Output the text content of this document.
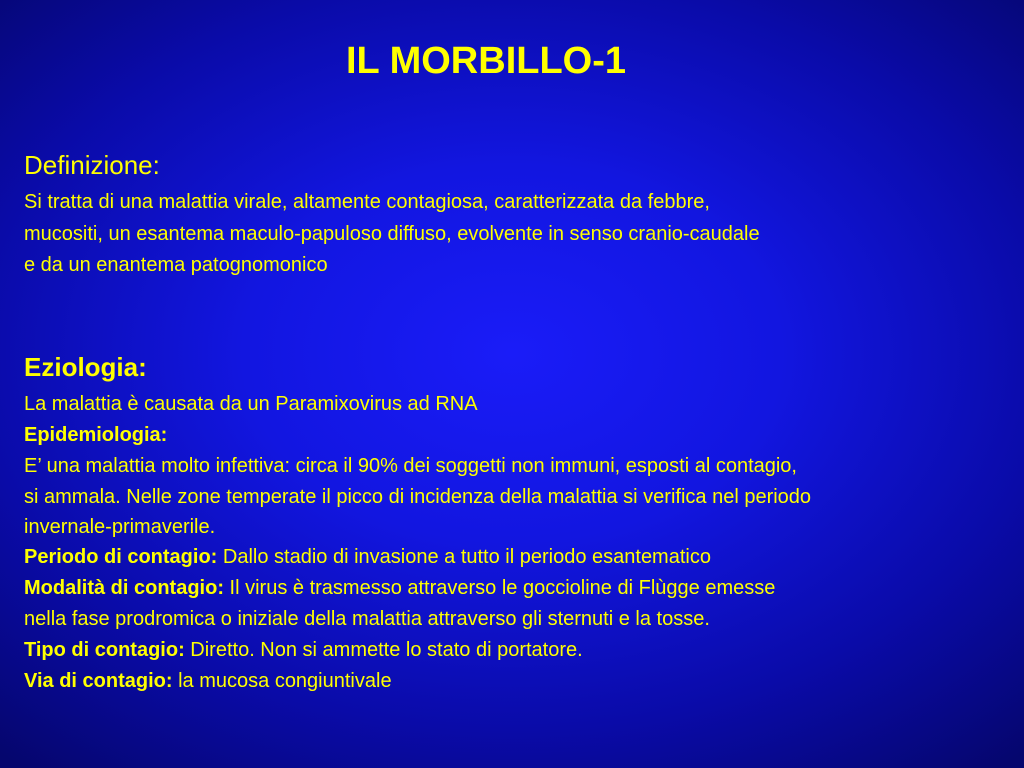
IL MORBILLO-1

Definizione:

Si tratta di una malattia virale, altamente contagiosa, caratterizzata da febbre,

mucositi, un esantema maculo-papuloso diffuso, evolvente in senso cranio-caudale

e da un enantema patognomonico

Eziologia:

La malattia è causata da un Paramixovirus ad RNA

Epidemiologia:

E’ una malattia molto infettiva: circa il 90% dei soggetti non immuni, esposti al contagio,

si ammala. Nelle zone temperate il picco di incidenza della malattia si verifica nel periodo

invernale-primaverile.

Periodo di contagio: Dallo stadio di invasione a tutto il periodo esantematico

Modalità di contagio: Il virus è trasmesso attraverso le goccioline di Flùgge emesse

nella fase prodromica o iniziale della malattia attraverso gli sternuti e la tosse.

Tipo di contagio: Diretto. Non si ammette lo stato di portatore.

Via di contagio: la mucosa congiuntivale
